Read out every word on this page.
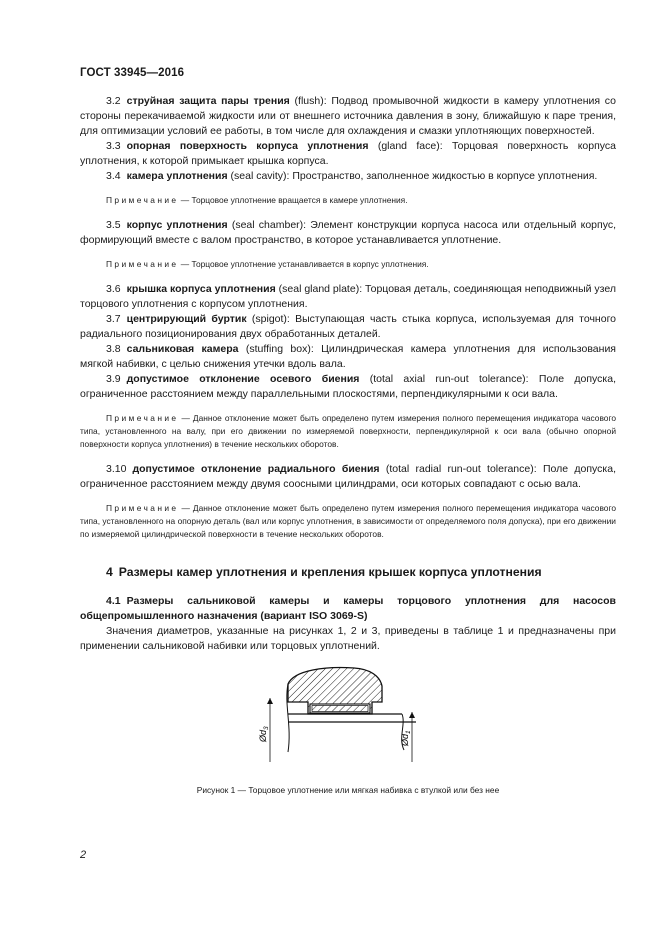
ГОСТ 33945—2016

3.2 струйная защита пары трения (flush): Подвод промывочной жидкости в камеру уплотнения со стороны перекачиваемой жидкости или от внешнего источника давления в зону, ближайшую к паре трения, для оптимизации условий ее работы, в том числе для охлаждения и смазки уплотняющих поверхностей.

3.3 опорная поверхность корпуса уплотнения (gland face): Торцовая поверхность корпуса уплотнения, к которой примыкает крышка корпуса.

3.4 камера уплотнения (seal cavity): Пространство, заполненное жидкостью в корпусе уплотнения.

Примечание — Торцовое уплотнение вращается в камере уплотнения.

3.5 корпус уплотнения (seal chamber): Элемент конструкции корпуса насоса или отдельный корпус, формирующий вместе с валом пространство, в которое устанавливается уплотнение.

Примечание — Торцовое уплотнение устанавливается в корпус уплотнения.

3.6 крышка корпуса уплотнения (seal gland plate): Торцовая деталь, соединяющая неподвижный узел торцового уплотнения с корпусом уплотнения.

3.7 центрирующий буртик (spigot): Выступающая часть стыка корпуса, используемая для точного радиального позиционирования двух обработанных деталей.

3.8 сальниковая камера (stuffing box): Цилиндрическая камера уплотнения для использования мягкой набивки, с целью снижения утечки вдоль вала.

3.9 допустимое отклонение осевого биения (total axial run-out tolerance): Поле допуска, ограниченное расстоянием между параллельными плоскостями, перпендикулярными к оси вала.

Примечание — Данное отклонение может быть определено путем измерения полного перемещения индикатора часового типа, установленного на валу, при его движении по измеряемой поверхности, перпендикулярной к оси вала (обычно опорной поверхности корпуса уплотнения) в течение нескольких оборотов.

3.10 допустимое отклонение радиального биения (total radial run-out tolerance): Поле допуска, ограниченное расстоянием между двумя соосными цилиндрами, оси которых совпадают с осью вала.

Примечание — Данное отклонение может быть определено путем измерения полного перемещения индикатора часового типа, установленного на опорную деталь (вал или корпус уплотнения, в зависимости от определяемого поля допуска), при его движении по измеряемой цилиндрической поверхности в течение нескольких оборотов.

4 Размеры камер уплотнения и крепления крышек корпуса уплотнения

4.1 Размеры сальниковой камеры и камеры торцового уплотнения для насосов общепромышленного назначения (вариант ISO 3069-S)

Значения диаметров, указанные на рисунках 1, 2 и 3, приведены в таблице 1 и предназначены при применении сальниковой набивки или торцовых уплотнений.

$Ød_3$
$Ød_1$
Рисунок 1 — Торцовое уплотнение или мягкая набивка с втулкой или без нее
2
